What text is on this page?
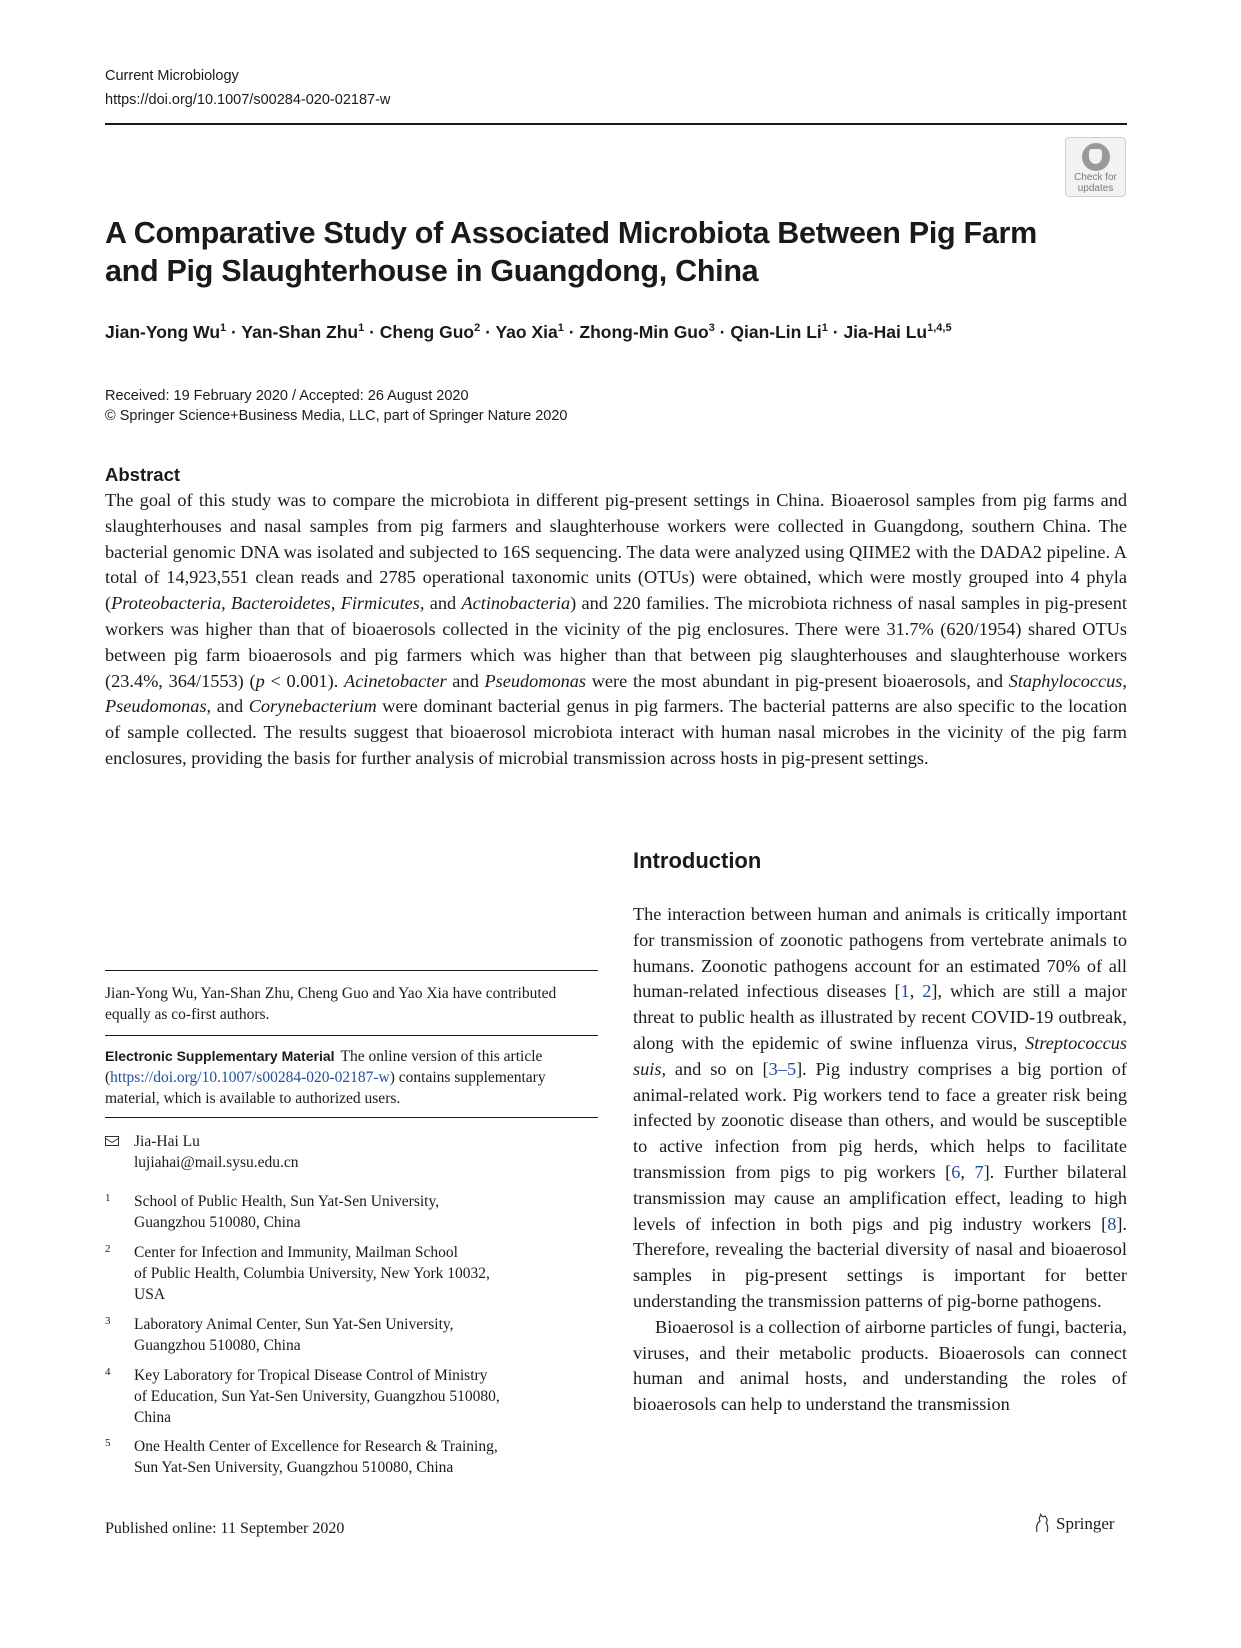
Current Microbiology
https://doi.org/10.1007/s00284-020-02187-w
Check for
updates
A Comparative Study of Associated Microbiota Between Pig Farm
and Pig Slaughterhouse in Guangdong, China

Jian-Yong $Wu^1$ · Yan-Shan Zhu$^1$ · Cheng Guo$^2$ · Yao Xia$^1$ · Zhong-Min Guo$^3$ · Qian-Lin $Li^1 \cdot Jia-Hai$ Lu$^{1,4,5}$

Received: 19 February 2020 / Accepted: 26 August 2020
© Springer Science+Business Media, LLC, part of Springer Nature 2020
Abstract

The goal of this study was to compare the microbiota in different pig-present settings in China. Bioaerosol samples from pig farms and slaughterhouses and nasal samples from pig farmers and slaughterhouse workers were collected in Guangdong, southern China. The bacterial genomic DNA was isolated and subjected to 16S sequencing. The data were analyzed using QIIME2 with the DADA2 pipeline. A total of 14,923,551 clean reads and 2785 operational taxonomic units (OTUs) were obtained, which were mostly grouped into 4 phyla (Proteobacteria, Bacteroidetes, Firmicutes, and Actinobacteria) and 220 families. The microbiota richness of nasal samples in pig-present workers was higher than that of bioaerosols collected in the vicinity of the pig enclosures. There were 31.7% (620/1954) shared OTUs between pig farm bioaerosols and pig farmers which was higher than that between pig slaughterhouses and slaughterhouse workers (23.4%, 364/1553) (p < 0.001). Acinetobacter and Pseudomonas were the most abundant in pig-present bioaerosols, and Staphylococcus, Pseudomonas, and Corynebacterium were dominant bacterial genus in pig farmers. The bacterial patterns are also specific to the location of sample collected. The results suggest that bioaerosol microbiota interact with human nasal microbes in the vicinity of the pig farm enclosures, providing the basis for further analysis of microbial transmission across hosts in pig-present settings.

Introduction

The interaction between human and animals is critically important for transmission of zoonotic pathogens from vertebrate animals to humans. Zoonotic pathogens account for an estimated 70% of all human-related infectious diseases [1, 2], which are still a major threat to public health as illustrated by recent COVID-19 outbreak, along with the epidemic of swine influenza virus, Streptococcus suis, and so on [3–5]. Pig industry comprises a big portion of animal-related work. Pig workers tend to face a greater risk being infected by zoonotic disease than others, and would be susceptible to active infection from pig herds, which helps to facilitate transmission from pigs to pig workers [6, 7]. Further bilateral transmission may cause an amplification effect, leading to high levels of infection in both pigs and pig industry workers [8]. Therefore, revealing the bacterial diversity of nasal and bioaerosol samples in pig-present settings is important for better understanding the transmission patterns of pig-borne pathogens.

Bioaerosol is a collection of airborne particles of fungi, bacteria, viruses, and their metabolic products. Bioaerosols can connect human and animal hosts, and understanding the roles of bioaerosols can help to understand the transmission

Jian-Yong Wu, Yan-Shan Zhu, Cheng Guo and Yao Xia have contributed equally as co-first authors.
Electronic Supplementary Material The online version of this article (https://doi.org/10.1007/s00284-020-02187-w) contains supplementary material, which is available to authorized users.
Jia-Hai Lu
lujiahai@mail.sysu.edu.cn
1 School of Public Health, Sun Yat-Sen University,
Guangzhou 510080, China
2 Center for Infection and Immunity, Mailman School
of Public Health, Columbia University, New York 10032,
USA
3 Laboratory Animal Center, Sun Yat-Sen University,
Guangzhou 510080, China
4 Key Laboratory for Tropical Disease Control of Ministry
of Education, Sun Yat-Sen University, Guangzhou 510080,
China
5 One Health Center of Excellence for Research & Training,
Sun Yat-Sen University, Guangzhou 510080, China
Published online: 11 September 2020	Springer
